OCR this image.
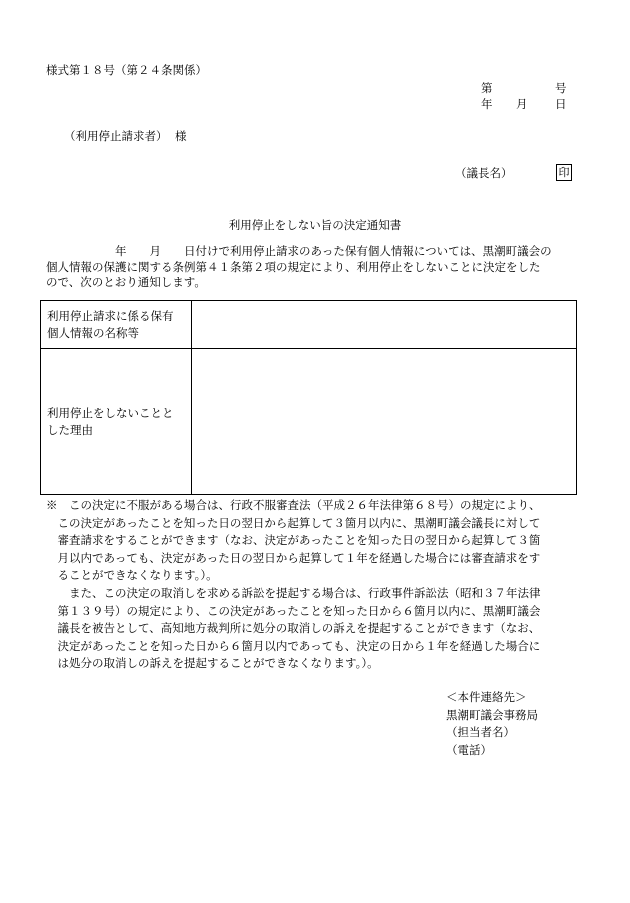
様式第１８号（第２４条関係）
第	号
年 月 日
（利用停止請求者） 様
（議長名）	印
利用停止をしない旨の決定通知書
　　　　　　年　　月　　日付けで利用停止請求のあった保有個人情報については、黒潮町議会の
個人情報の保護に関する条例第４１条第２項の規定により、利用停止をしないことに決定をした
ので、次のとおり通知します。
利用停止請求に係る保有
個人情報の名称等	

利用停止をしないことと
した理由	

※　この決定に不服がある場合は、行政不服審査法（平成２６年法律第６８号）の規定により、
　この決定があったことを知った日の翌日から起算して３箇月以内に、黒潮町議会議長に対して
　審査請求をすることができます（なお、決定があったことを知った日の翌日から起算して３箇
　月以内であっても、決定があった日の翌日から起算して１年を経過した場合には審査請求をす
　ることができなくなります。）。
　　また、この決定の取消しを求める訴訟を提起する場合は、行政事件訴訟法（昭和３７年法律
　第１３９号）の規定により、この決定があったことを知った日から６箇月以内に、黒潮町議会
　議長を被告として、高知地方裁判所に処分の取消しの訴えを提起することができます（なお、
　決定があったことを知った日から６箇月以内であっても、決定の日から１年を経過した場合に
　は処分の取消しの訴えを提起することができなくなります。）。
＜本件連絡先＞
黒潮町議会事務局
（担当者名）
（電話）
